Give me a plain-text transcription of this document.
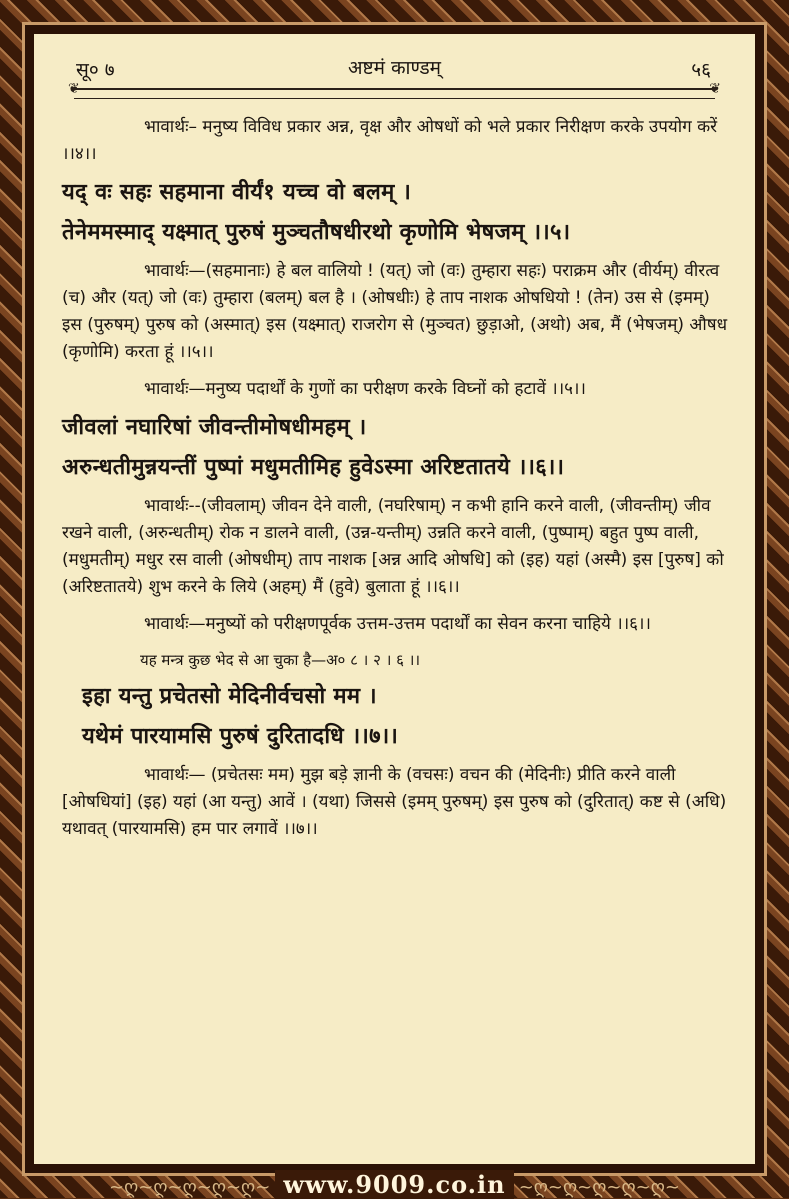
सू० ७	अष्टमं काण्डम्	५६
❦	❦

भावार्थः– मनुष्य विविध प्रकार अन्न, वृक्ष और ओषधों को भले प्रकार निरीक्षण करके उपयोग करें ।।४।।

यद् वः सहः सहमाना वीर्यं१ यच्च वो बलम् ।

तेनेममस्माद् यक्ष्मात् पुरुषं मुञ्चतौषधीरथो कृणोमि भेषजम् ।।५।

भावार्थः—(सहमानाः) हे बल वालियो ! (यत्) जो (वः) तुम्हारा सहः) पराक्रम और (वीर्यम्) वीरत्व (च) और (यत्) जो (वः) तुम्हारा (बलम्) बल है । (ओषधीः) हे ताप नाशक ओषधियो ! (तेन) उस से (इमम्) इस (पुरुषम्) पुरुष को (अस्मात्) इस (यक्ष्मात्) राजरोग से (मुञ्चत) छुड़ाओ, (अथो) अब, मैं (भेषजम्) औषध (कृणोमि) करता हूं ।।५।।

भावार्थः—मनुष्य पदार्थों के गुणों का परीक्षण करके विघ्नों को हटावें ।।५।।

जीवलां नघारिषां जीवन्तीमोषधीमहम् ।

अरुन्धतीमुन्नयन्तीं पुष्पां मधुमतीमिह हुवेऽस्मा अरिष्टतातये ।।६।।

भावार्थः--(जीवलाम्) जीवन देने वाली, (नघरिषाम्) न कभी हानि करने वाली, (जीवन्तीम्) जीव रखने वाली, (अरुन्धतीम्) रोक न डालने वाली, (उन्न-यन्तीम्) उन्नति करने वाली, (पुष्पाम्) बहुत पुष्प वाली, (मधुमतीम्) मधुर रस वाली (ओषधीम्) ताप नाशक [अन्न आदि ओषधि] को (इह) यहां (अस्मै) इस [पुरुष] को (अरिष्टतातये) शुभ करने के लिये (अहम्) मैं (हुवे) बुलाता हूं ।।६।।

भावार्थः—मनुष्यों को परीक्षणपूर्वक उत्तम-उत्तम पदार्थों का सेवन करना चाहिये ।।६।।

यह मन्त्र कुछ भेद से आ चुका है—अ० ८ । २ । ६ ।।

इहा यन्तु प्रचेतसो मेदिनीर्वचसो मम ।

यथेमं पारयामसि पुरुषं दुरितादधि ।।७।।

भावार्थः— (प्रचेतसः मम) मुझ बड़े ज्ञानी के (वचसः) वचन की (मेदिनीः) प्रीति करने वाली [ओषधियां] (इह) यहां (आ यन्तु) आवें । (यथा) जिससे (इमम् पुरुषम्) इस पुरुष को (दुरितात्) कष्ट से (अधि) यथावत् (पारयामसि) हम पार लगावें ।।७।।

~ღ~ღ~ღ~ღ~ღ~ www.9009.co.in ~ღ~ღ~ღ~ღ~ღ~
